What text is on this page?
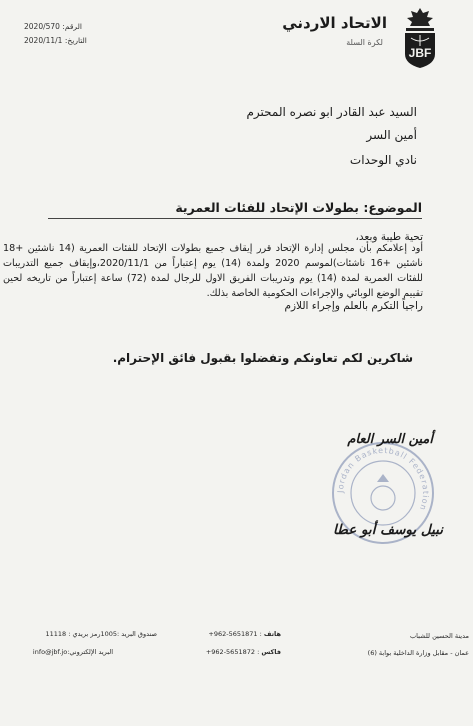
JBF
الاتحاد الاردني
لكرة السلة
الرقم: 2020/570
التاريخ: 2020/11/1
السيد عبد القادر ابو نصره المحترم
أمين السر
نادي الوحدات
الموضوع: بطولات الإتحاد للفئات العمرية
تحية طيبة وبعد،
أود إعلامكم بأن مجلس إدارة الإتحاد قرر إيقاف جميع بطولات الإتحاد للفئات العمرية (14 ناشئين +18 ناشئين +16 ناشئات)لموسم 2020 ولمدة (14) يوم إعتباراً من 2020/11/1،وإيقاف جميع التدريبات للفئات العمرية لمدة (14) يوم وتدريبات الفريق الاول للرجال لمدة (72) ساعة إعتباراً من تاريخه لحين تقييم الوضع الوبائي والإجراءات الحكومية الخاصة بذلك.
راجياً التكرم بالعلم وإجراء اللازم
شاكرين لكم تعاونكم وتفضلوا بقبول فائق الإحترام.
Jordan Basketball Federation
أمين السر العام
نبيل يوسف أبو عطا
صندوق البريد :1005رمز بريدي : 11118
البريد الإلكتروني:info@jbf.jo
هاتف : +962-5651871
فاكس : +962-5651872
مدينة الحسين للشباب
عمان - مقابل وزارة الداخلية بوابة (6)
